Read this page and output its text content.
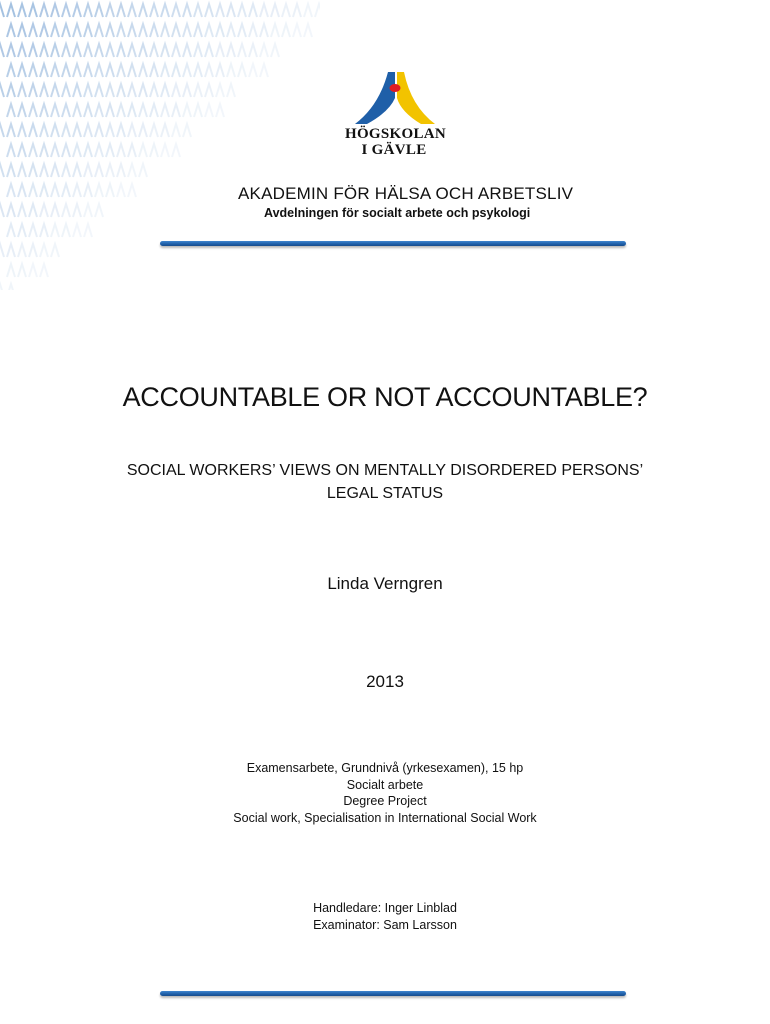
HÖGSKOLAN
I GÄVLE
AKADEMIN FÖR HÄLSA OCH ARBETSLIV
Avdelningen för socialt arbete och psykologi
ACCOUNTABLE OR NOT ACCOUNTABLE?
SOCIAL WORKERS’ VIEWS ON MENTALLY DISORDERED PERSONS’
LEGAL STATUS
Linda Verngren
2013
Examensarbete, Grundnivå (yrkesexamen), 15 hp
Socialt arbete
Degree Project
Social work, Specialisation in International Social Work
Handledare: Inger Linblad
Examinator: Sam Larsson
